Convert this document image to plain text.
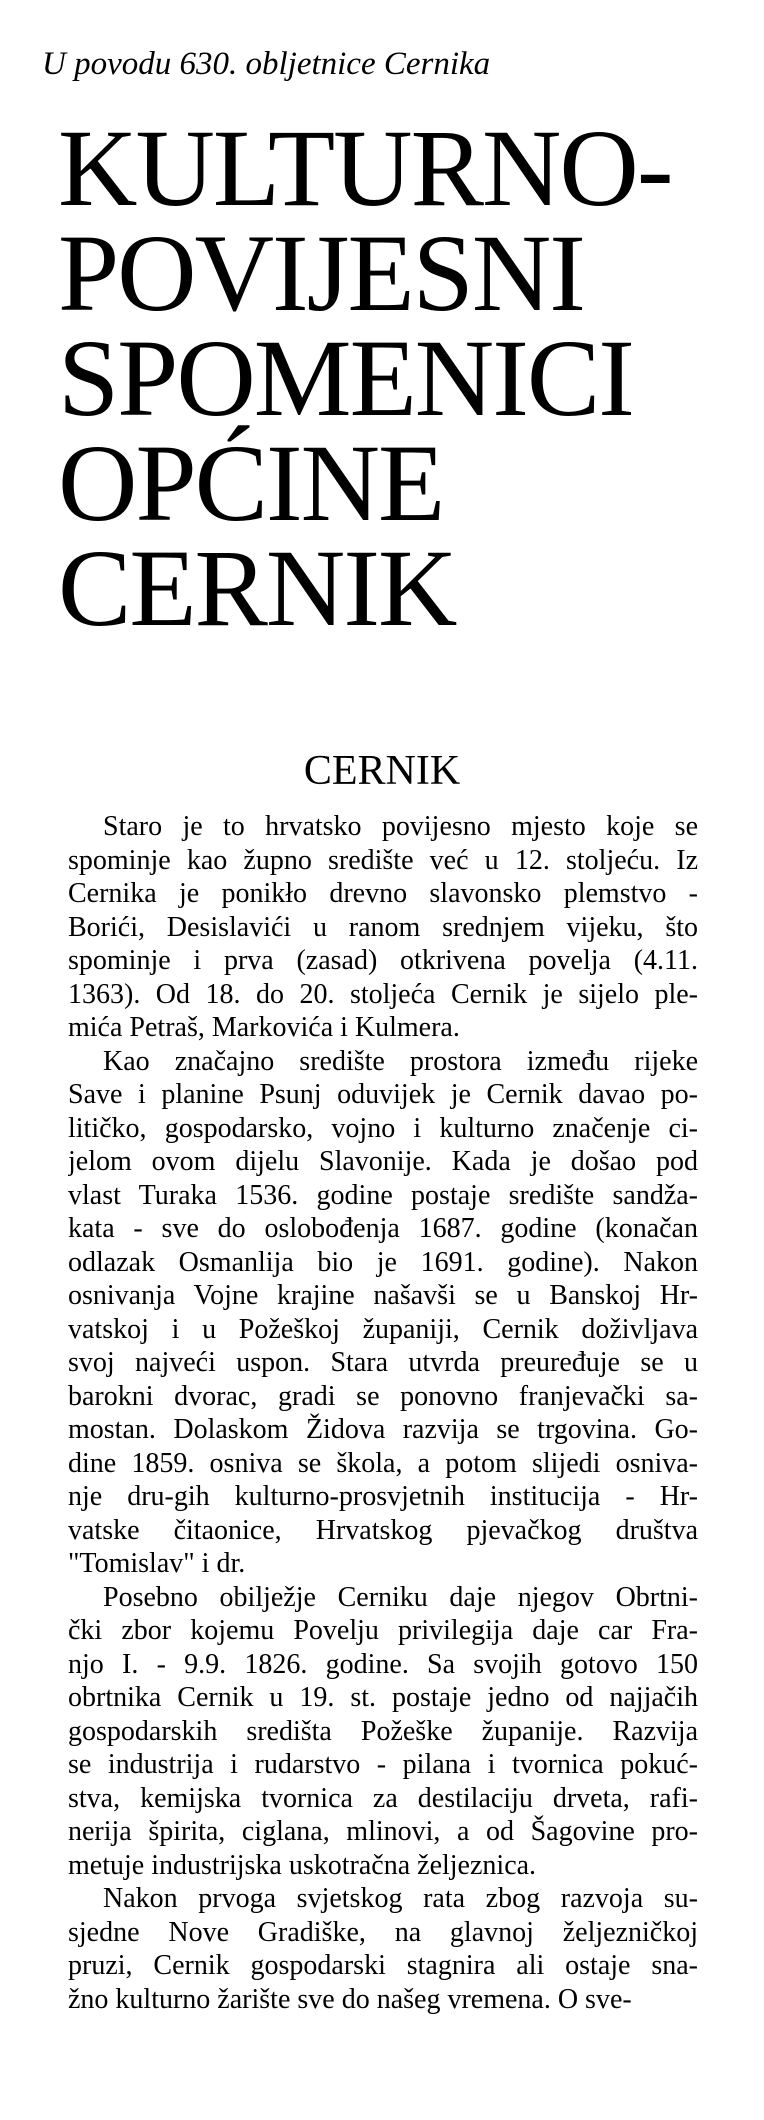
U povodu 630. obljetnice Cernika
KULTURNO-
POVIJESNI
SPOMENICI
OPĆINE
CERNIK
CERNIK

Staro je to hrvatsko povijesno mjesto koje se
spominje kao župno središte već u 12. stoljeću. Iz
Cernika je ponikło drevno slavonsko plemstvo -
Borići, Desislavići u ranom srednjem vijeku, što
spominje i prva (zasad) otkrivena povelja (4.11.
1363). Od 18. do 20. stoljeća Cernik je sijelo ple-
mića Petraš, Markovića i Kulmera.

Kao značajno središte prostora između rijeke
Save i planine Psunj oduvijek je Cernik davao po-
litičko, gospodarsko, vojno i kulturno značenje ci-
jelom ovom dijelu Slavonije. Kada je došao pod
vlast Turaka 1536. godine postaje središte sandža-
kata - sve do oslobođenja 1687. godine (konačan
odlazak Osmanlija bio je 1691. godine). Nakon
osnivanja Vojne krajine našavši se u Banskoj Hr-
vatskoj i u Požeškoj županiji, Cernik doživljava
svoj najveći uspon. Stara utvrda preuređuje se u
barokni dvorac, gradi se ponovno franjevački sa-
mostan. Dolaskom Židova razvija se trgovina. Go-
dine 1859. osniva se škola, a potom slijedi osniva-
nje dru-gih kulturno-prosvjetnih institucija - Hr-
vatske čitaonice, Hrvatskog pjevačkog društva
"Tomislav" i dr.

Posebno obilježje Cerniku daje njegov Obrtni-
čki zbor kojemu Povelju privilegija daje car Fra-
njo I. - 9.9. 1826. godine. Sa svojih gotovo 150
obrtnika Cernik u 19. st. postaje jedno od najjačih
gospodarskih središta Požeške županije. Razvija
se industrija i rudarstvo - pilana i tvornica pokuć-
stva, kemijska tvornica za destilaciju drveta, rafi-
nerija špirita, ciglana, mlinovi, a od Šagovine pro-
metuje industrijska uskotračna željeznica.

Nakon prvoga svjetskog rata zbog razvoja su-
sjedne Nove Gradiške, na glavnoj željezničkoj
pruzi, Cernik gospodarski stagnira ali ostaje sna-
žno kulturno žarište sve do našeg vremena. O sve-
